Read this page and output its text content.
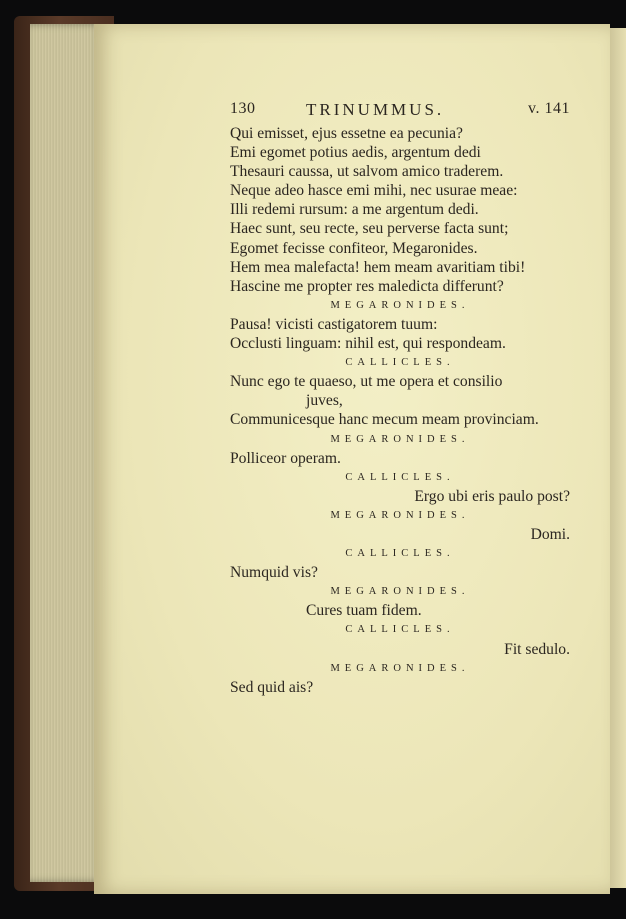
130	TRINUMMUS.	v. 141
Qui emisset, ejus essetne ea pecunia?
Emi egomet potius aedis, argentum dedi
Thesauri caussa, ut salvom amico traderem.
Neque adeo hasce emi mihi, nec usurae meae:
Illi redemi rursum: a me argentum dedi.
Haec sunt, seu recte, seu perverse facta sunt;
Egomet fecisse confiteor, Megaronides.
Hem mea malefacta! hem meam avaritiam tibi!
Hascine me propter res maledicta differunt?
MEGARONIDES.
Pausa! vicisti castigatorem tuum:
Occlusti linguam: nihil est, qui respondeam.
CALLICLES.
Nunc ego te quaeso, ut me opera et consilio
juves,
Communicesque hanc mecum meam provinciam.
MEGARONIDES.
Polliceor operam.
CALLICLES.
Ergo ubi eris paulo post?
MEGARONIDES.
Domi.
CALLICLES.
Numquid vis?
MEGARONIDES.
Cures tuam fidem.
CALLICLES.
Fit sedulo.
MEGARONIDES.
Sed quid ais?
